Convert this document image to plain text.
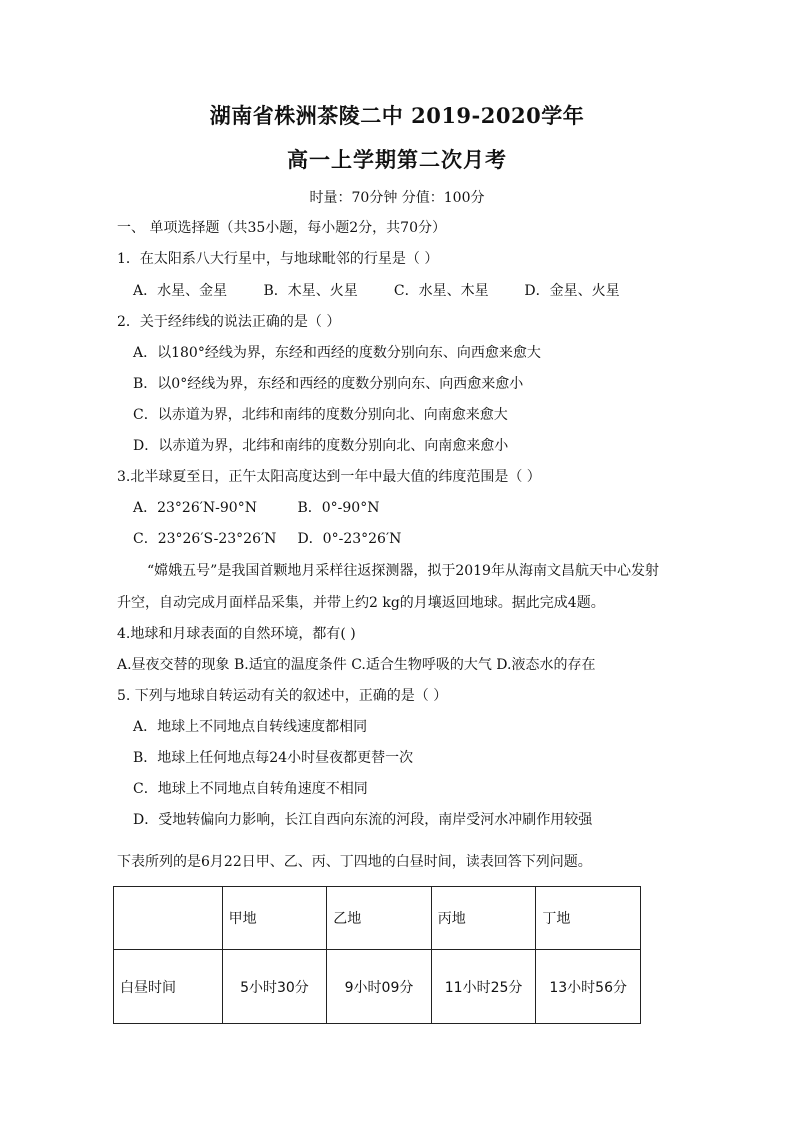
湖南省株洲茶陵二中 2019-2020学年
高一上学期第二次月考
时量：70分钟 分值：100分
一、 单项选择题（共35小题，每小题2分，共70分）
1．在太阳系八大行星中，与地球毗邻的行星是（ ）
A．水星、金星	B．木星、火星	C．水星、木星	D．金星、火星
2．关于经纬线的说法正确的是（ ）
A．以180°经线为界，东经和西经的度数分别向东、向西愈来愈大
B．以0°经线为界，东经和西经的度数分别向东、向西愈来愈小
C．以赤道为界，北纬和南纬的度数分别向北、向南愈来愈大
D．以赤道为界，北纬和南纬的度数分别向北、向南愈来愈小
3.北半球夏至日，正午太阳高度达到一年中最大值的纬度范围是（ ）
A．23°26′N-90°N	B．0°-90°N
C．23°26′S-23°26′N D．0°-23°26′N
“嫦娥五号”是我国首颗地月采样往返探测器，拟于2019年从海南文昌航天中心发射
升空，自动完成月面样品采集，并带上约2 kg的月壤返回地球。据此完成4题。
4.地球和月球表面的自然环境，都有( )
A.昼夜交替的现象 B.适宜的温度条件 C.适合生物呼吸的大气 D.液态水的存在
5. 下列与地球自转运动有关的叙述中，正确的是（ ）
A．地球上不同地点自转线速度都相同
B．地球上任何地点每24小时昼夜都更替一次
C．地球上不同地点自转角速度不相同
D．受地转偏向力影响，长江自西向东流的河段，南岸受河水冲刷作用较强
下表所列的是6月22日甲、乙、丙、丁四地的白昼时间，读表回答下列问题。
	甲地	乙地	丙地	丁地
白昼时间	5小时30分	9小时09分	11小时25分	13小时56分
